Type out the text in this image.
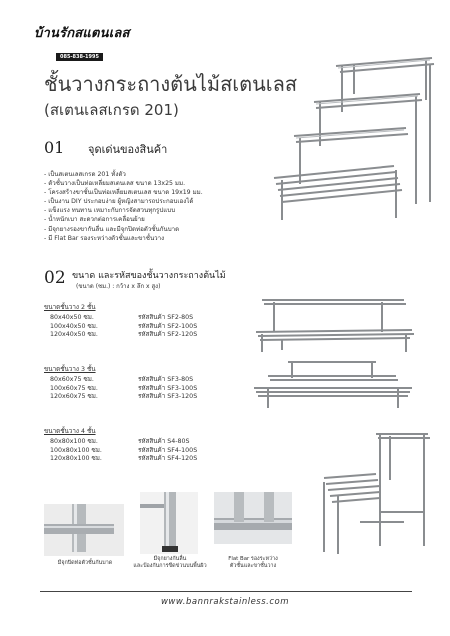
บ้านรักสแตนเลส
085-838-1995
ชั้นวางกระถางต้นไม้สเตนเลส
(สเตนเลสเกรด 201)
01 จุดเด่นของสินค้า
- เป็นสเตนเลสเกรด 201 ทั้งตัว
- ตัวชั้นวางเป็นท่อเหลี่ยมสเตนเลส ขนาด 13x25 มม.
- โครงสร้างขาชั้นเป็นท่อเหลี่ยมสเตนเลส ขนาด 19x19 มม.
- เป็นงาน DIY ประกอบง่าย ผู้หญิงสามารถประกอบเองได้
- แข็งแรง ทนทาน เหมาะกับการจัดสวนทุกรูปแบบ
- น้ำหนักเบา สะดวกต่อการเคลื่อนย้าย
- มีจุกยางรองขากันลื่น และมีจุกปิดท่อตัวชั้นกันบาด
- มี Flat Bar รองระหว่างตัวชั้นและขาชั้นวาง
02 ขนาด และรหัสของชั้นวางกระถางต้นไม้
(ขนาด (ซม.) : กว้าง x ลึก x สูง)
ขนาดชั้นวาง 2 ชั้น
80x40x50 ซม.	รหัสสินค้า SF2-80S
100x40x50 ซม.	รหัสสินค้า SF2-100S
120x40x50 ซม.	รหัสสินค้า SF2-120S
ขนาดชั้นวาง 3 ชั้น
80x60x75 ซม.	รหัสสินค้า SF3-80S
100x60x75 ซม.	รหัสสินค้า SF3-100S
120x60x75 ซม.	รหัสสินค้า SF3-120S
ขนาดชั้นวาง 4 ชั้น
80x80x100 ซม.	รหัสสินค้า S4-80S
100x80x100 ซม.	รหัสสินค้า SF4-100S
120x80x100 ซม.	รหัสสินค้า SF4-120S
มีจุกปิดท่อตัวชั้นกันบาด
มีจุกยางกันลื่น
และป้องกันการขีดข่วนบนพื้นผิว
Flat Bar รองระหว่าง
ตัวชั้นและขาชั้นวาง
www.bannrakstainless.com
